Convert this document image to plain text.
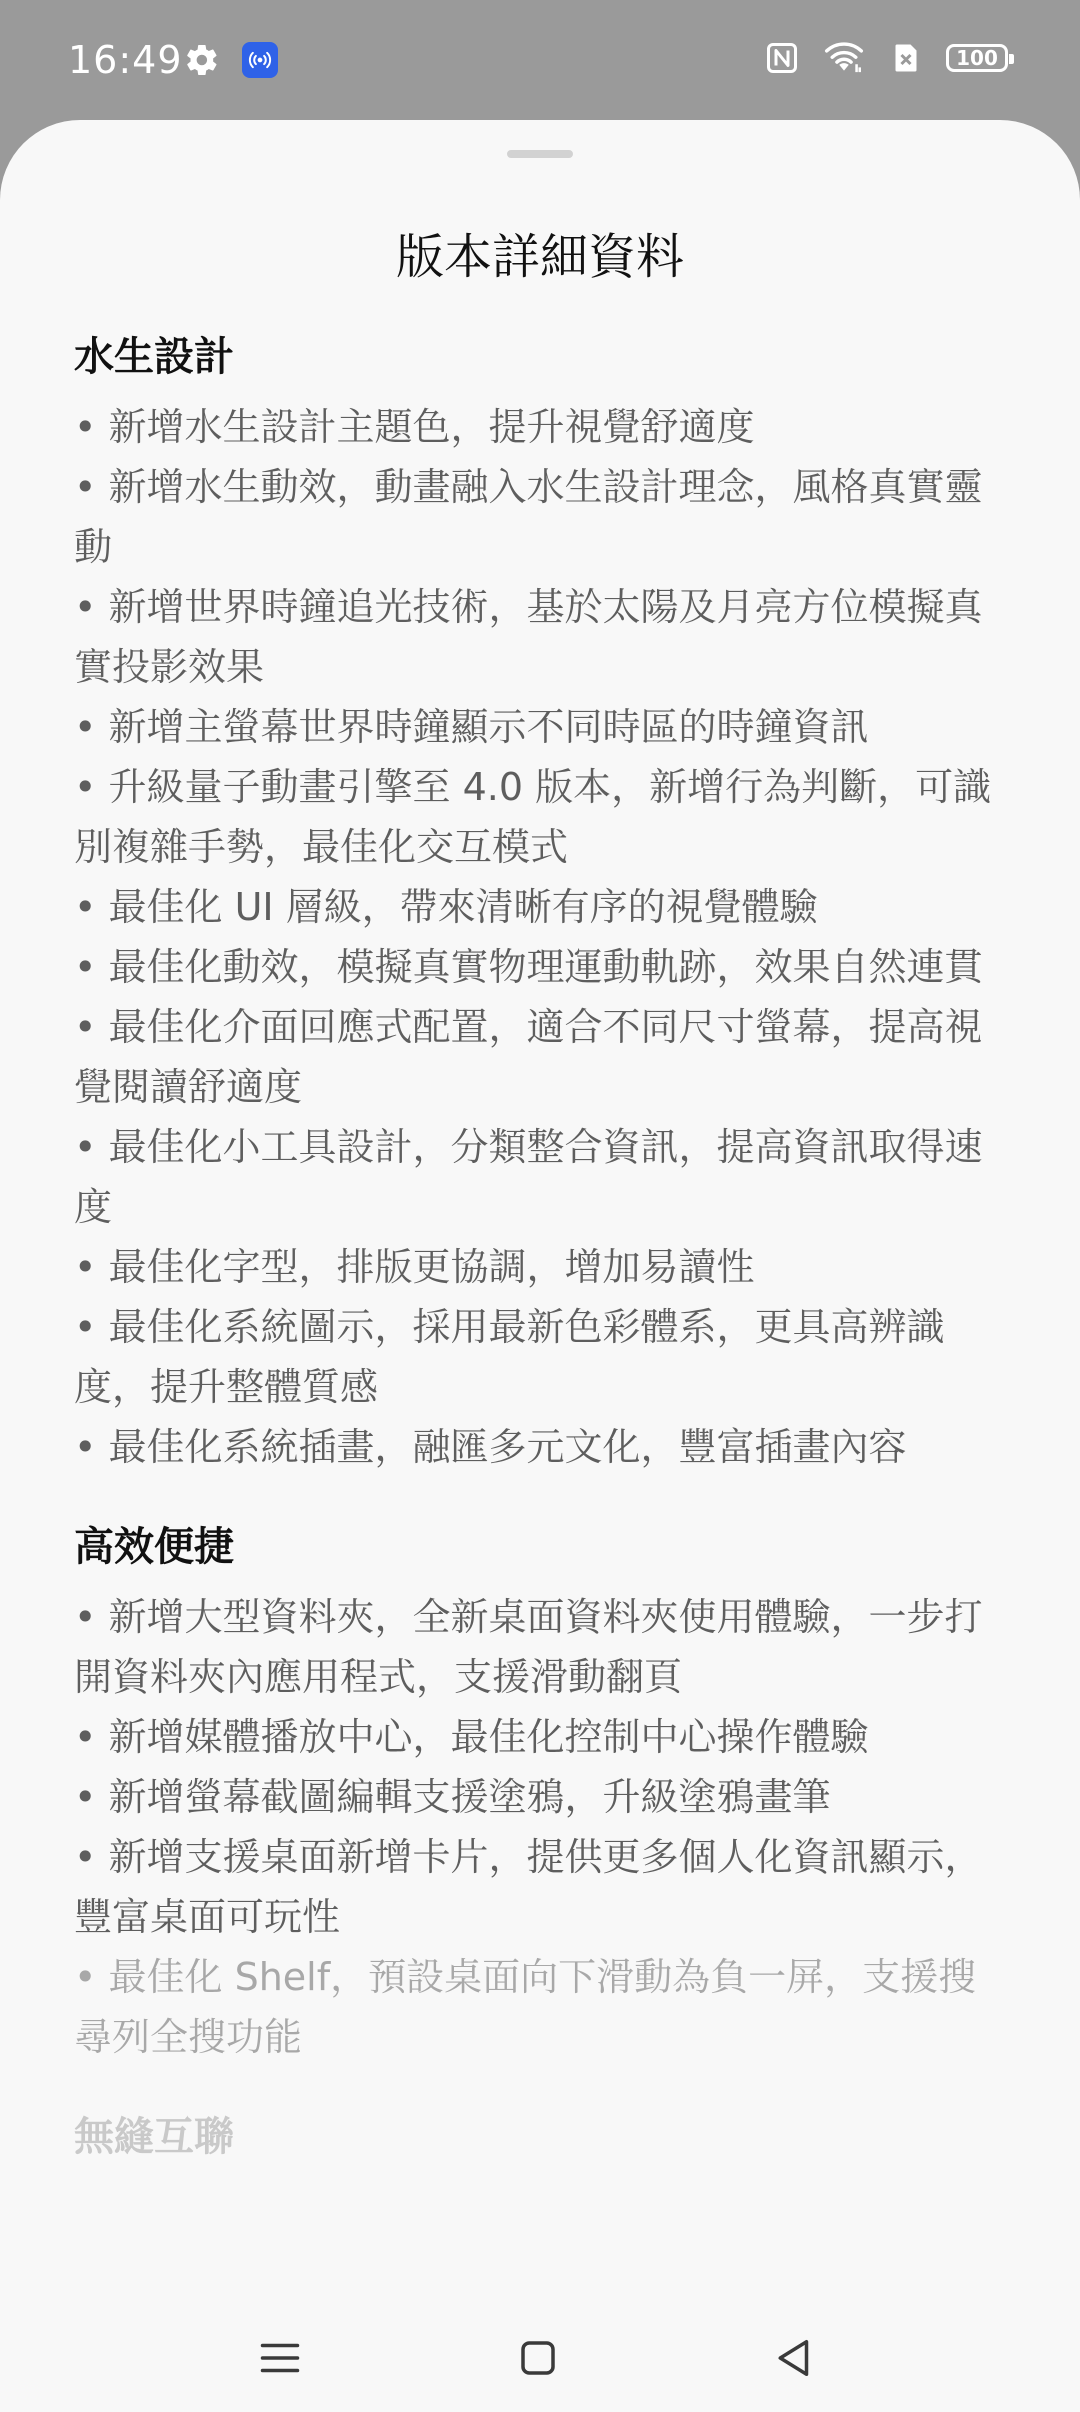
16:49	100
版本詳細資料
水生設計
• 新增水生設計主題色，提升視覺舒適度
• 新增水生動效，動畫融入水生設計理念，風格真實靈動
• 新增世界時鐘追光技術，基於太陽及月亮方位模擬真實投影效果
• 新增主螢幕世界時鐘顯示不同時區的時鐘資訊
• 升級量子動畫引擎至 4.0 版本，新增行為判斷，可識別複雜手勢，最佳化交互模式
• 最佳化 UI 層級，帶來清晰有序的視覺體驗
• 最佳化動效，模擬真實物理運動軌跡，效果自然連貫
• 最佳化介面回應式配置，適合不同尺寸螢幕，提高視覺閱讀舒適度
• 最佳化小工具設計，分類整合資訊，提高資訊取得速度
• 最佳化字型，排版更協調，增加易讀性
• 最佳化系統圖示，採用最新色彩體系，更具高辨識度，提升整體質感
• 最佳化系統插畫，融匯多元文化，豐富插畫內容
高效便捷
• 新增大型資料夾，全新桌面資料夾使用體驗，一步打開資料夾內應用程式，支援滑動翻頁
• 新增媒體播放中心，最佳化控制中心操作體驗
• 新增螢幕截圖編輯支援塗鴉，升級塗鴉畫筆
• 新增支援桌面新增卡片，提供更多個人化資訊顯示，豐富桌面可玩性
• 最佳化 Shelf，預設桌面向下滑動為負一屏，支援搜尋列全搜功能
無縫互聯
